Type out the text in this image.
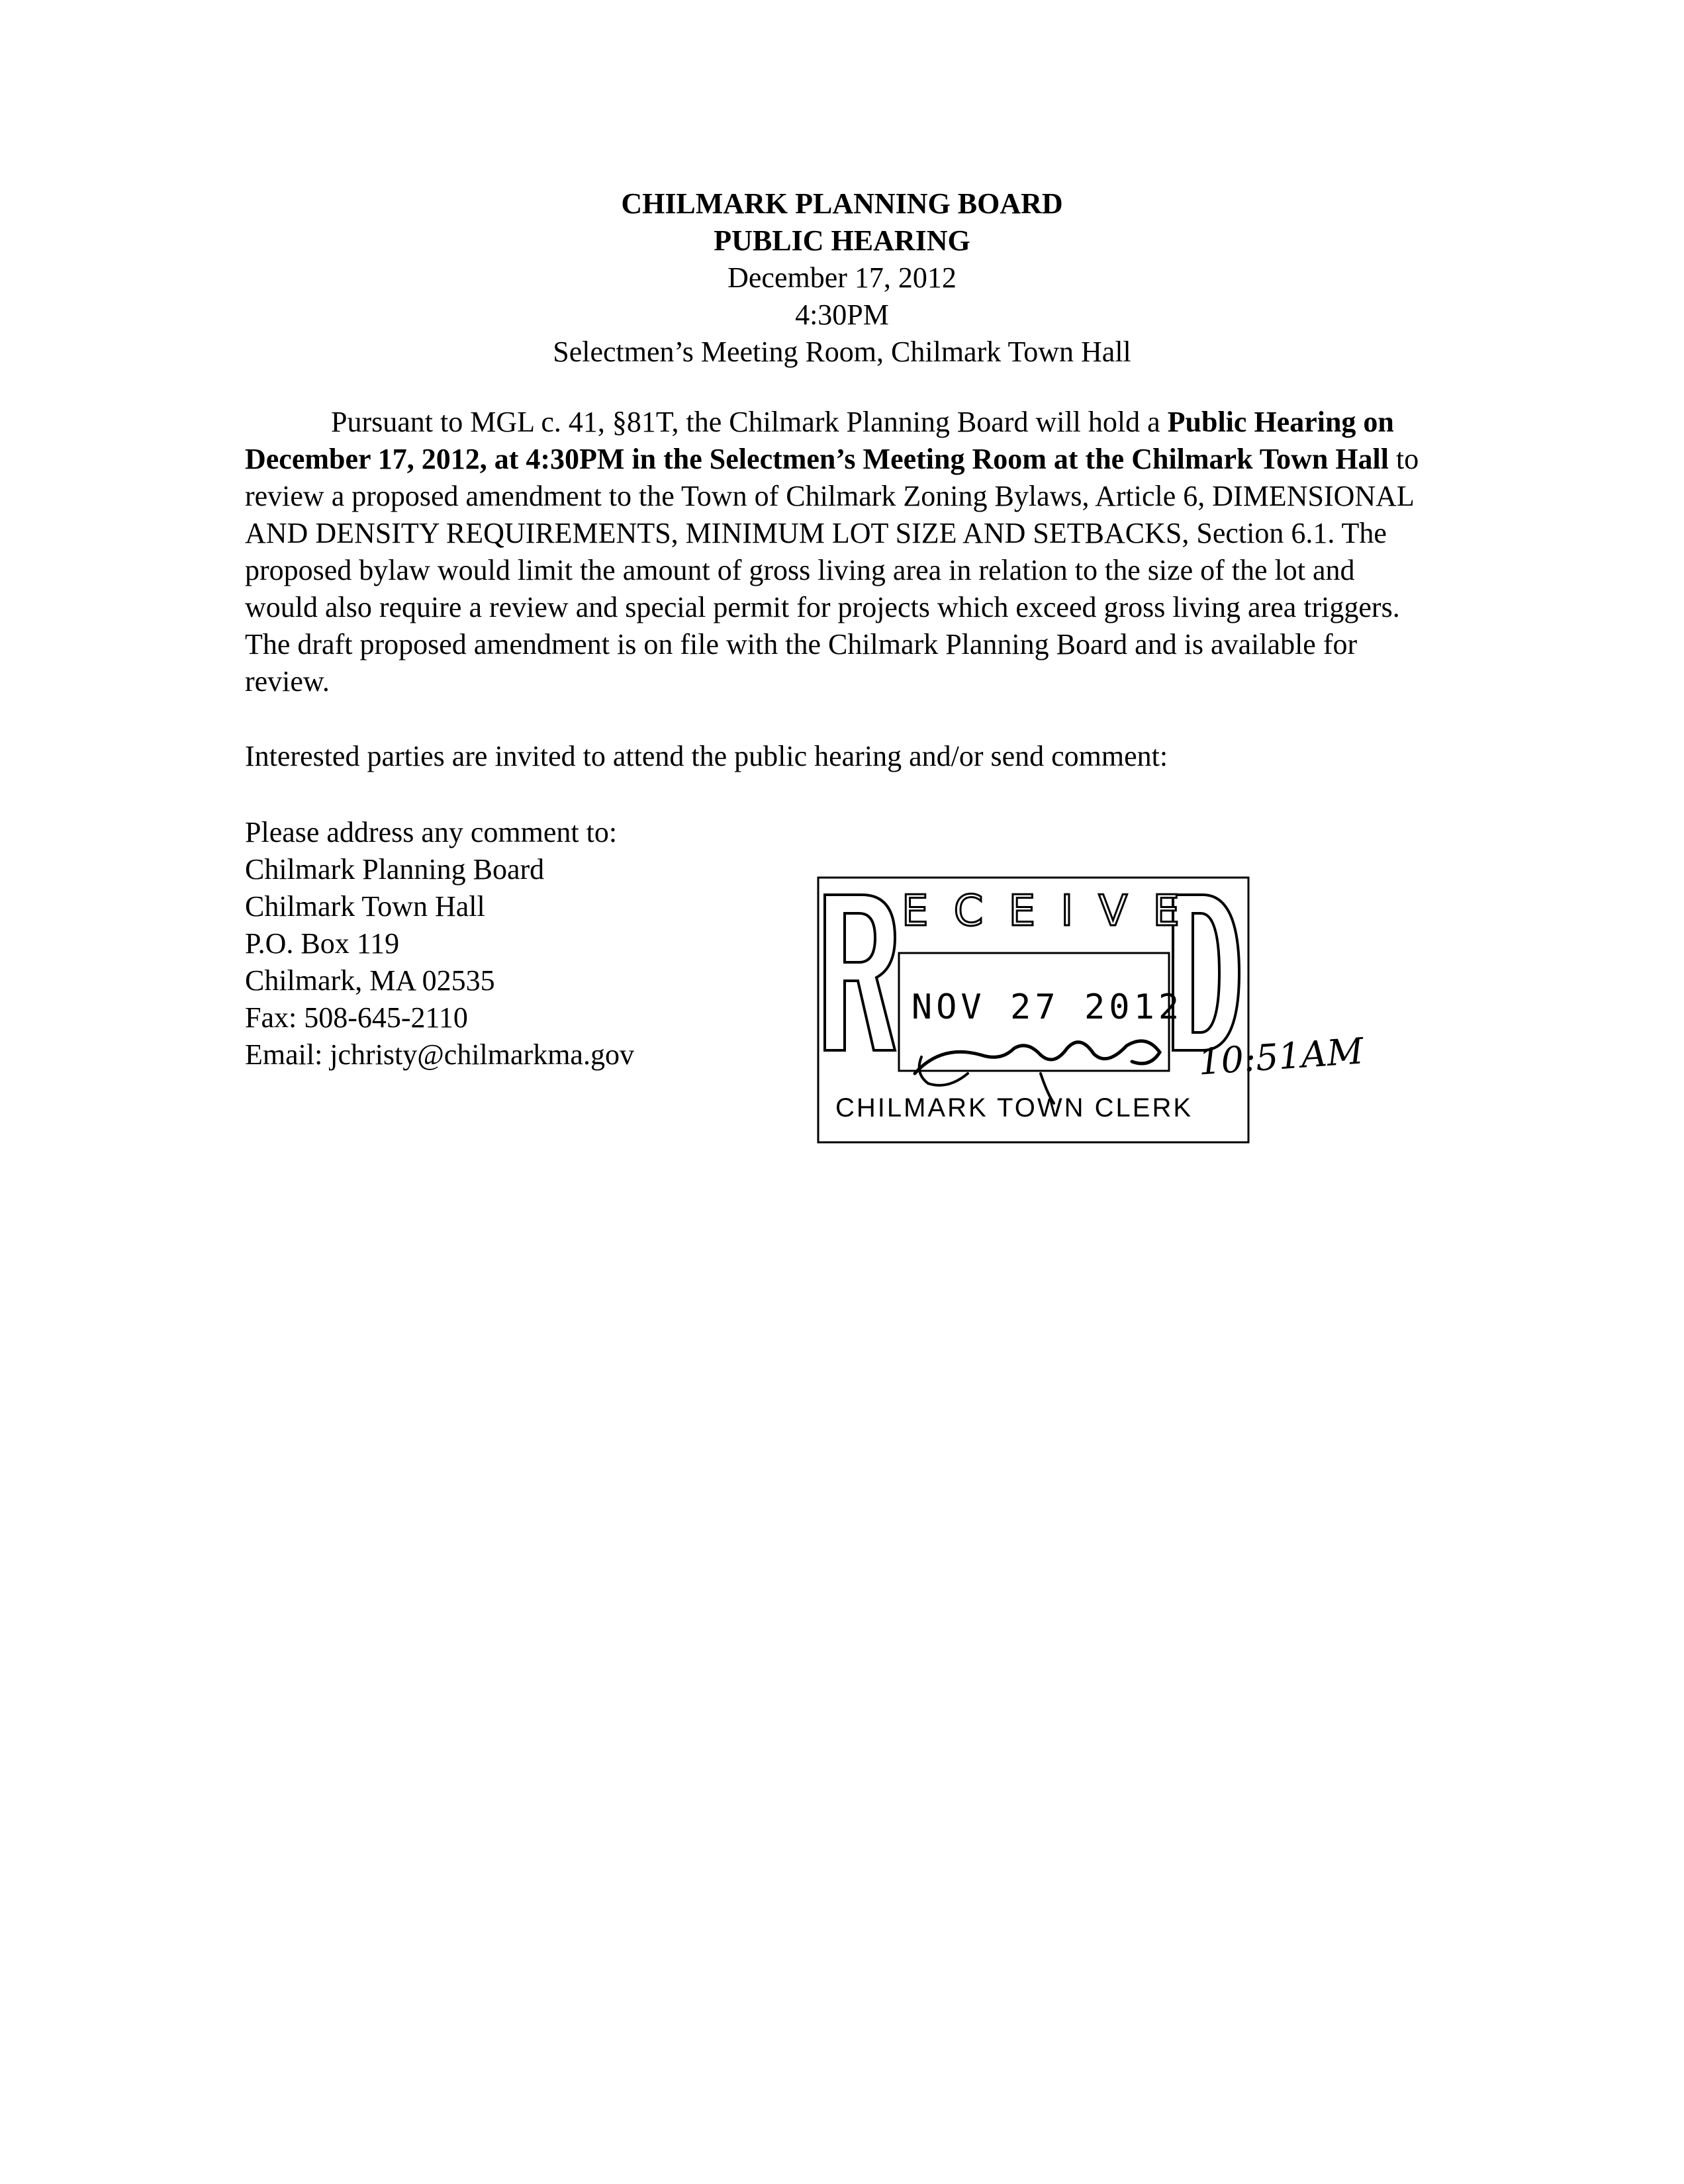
CHILMARK PLANNING BOARD
PUBLIC HEARING
December 17, 2012
4:30PM
Selectmen’s Meeting Room, Chilmark Town Hall
Pursuant to MGL c. 41, §81T, the Chilmark Planning Board will hold a Public Hearing on December 17, 2012, at 4:30PM in the Selectmen’s Meeting Room at the Chilmark Town Hall to review a proposed amendment to the Town of Chilmark Zoning Bylaws, Article 6, DIMENSIONAL AND DENSITY REQUIREMENTS, MINIMUM LOT SIZE AND SETBACKS, Section 6.1. The proposed bylaw would limit the amount of gross living area in relation to the size of the lot and would also require a review and special permit for projects which exceed gross living area triggers. The draft proposed amendment is on file with the Chilmark Planning Board and is available for review.
Interested parties are invited to attend the public hearing and/or send comment:
Please address any comment to:
Chilmark Planning Board
Chilmark Town Hall
P.O. Box 119
Chilmark, MA 02535
Fax: 508-645-2110
Email: jchristy@chilmarkma.gov
E C E I V E
NOV 27 2012
CHILMARK TOWN CLERK
10:51AM
